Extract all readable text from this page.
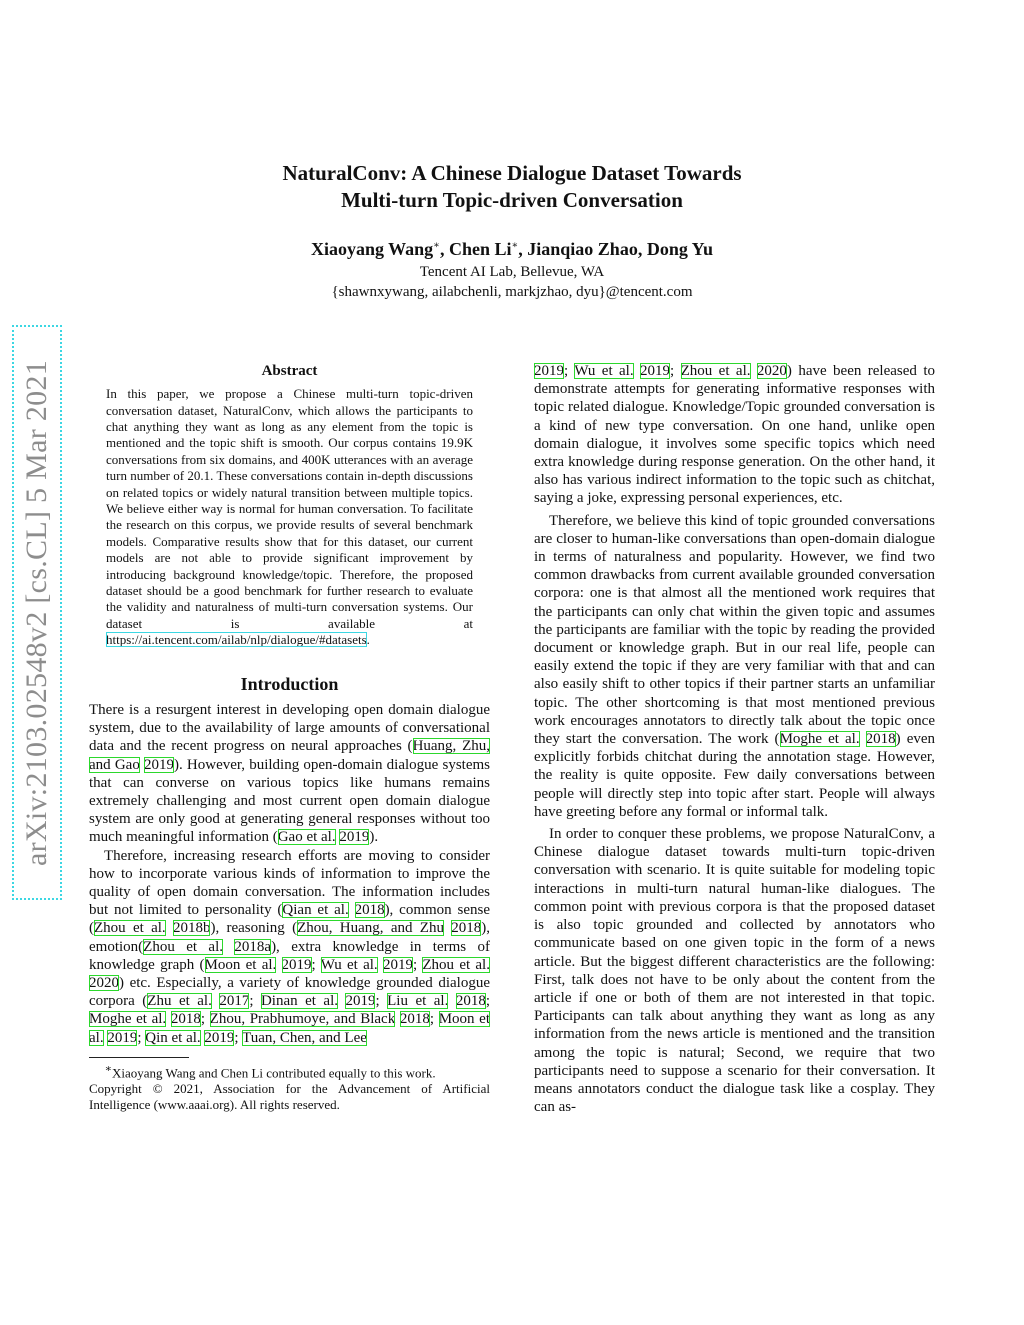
NaturalConv: A Chinese Dialogue Dataset Towards
Multi-turn Topic-driven Conversation
Xiaoyang Wang∗, Chen Li∗, Jianqiao Zhao, Dong Yu
Tencent AI Lab, Bellevue, WA
{shawnxywang, ailabchenli, markjzhao, dyu}@tencent.com
arXiv:2103.02548v2 [cs.CL] 5 Mar 2021	Abstract
In this paper, we propose a Chinese multi-turn topic-driven conversation dataset, NaturalConv, which allows the participants to chat anything they want as long as any element from the topic is mentioned and the topic shift is smooth. Our corpus contains 19.9K conversations from six domains, and 400K utterances with an average turn number of 20.1. These conversations contain in-depth discussions on related topics or widely natural transition between multiple topics. We believe either way is normal for human conversation. To facilitate the research on this corpus, we provide results of several benchmark models. Comparative results show that for this dataset, our current models are not able to provide significant improvement by introducing background knowledge/topic. Therefore, the proposed dataset should be a good benchmark for further research to evaluate the validity and naturalness of multi-turn conversation systems. Our dataset is available at https://ai.tencent.com/ailab/nlp/dialogue/#datasets.
Introduction

There is a resurgent interest in developing open domain dialogue system, due to the availability of large amounts of conversational data and the recent progress on neural approaches (Huang, Zhu, and Gao 2019). However, building open-domain dialogue systems that can converse on various topics like humans remains extremely challenging and most current open domain dialogue system are only good at generating general responses without too much meaningful information (Gao et al. 2019).

Therefore, increasing research efforts are moving to consider how to incorporate various kinds of information to improve the quality of open domain conversation. The information includes but not limited to personality (Qian et al. 2018), common sense (Zhou et al. 2018b), reasoning (Zhou, Huang, and Zhu 2018), emotion(Zhou et al. 2018a), extra knowledge in terms of knowledge graph (Moon et al. 2019; Wu et al. 2019; Zhou et al. 2020) etc. Especially, a variety of knowledge grounded dialogue corpora (Zhu et al. 2017; Dinan et al. 2019; Liu et al. 2018; Moghe et al. 2018; Zhou, Prabhumoye, and Black 2018; Moon et al. 2019; Qin et al. 2019; Tuan, Chen, and Lee

∗Xiaoyang Wang and Chen Li contributed equally to this work.
Copyright © 2021, Association for the Advancement of Artificial Intelligence (www.aaai.org). All rights reserved.

2019; Wu et al. 2019; Zhou et al. 2020) have been released to demonstrate attempts for generating informative responses with topic related dialogue. Knowledge/Topic grounded conversation is a kind of new type conversation. On one hand, unlike open domain dialogue, it involves some specific topics which need extra knowledge during response generation. On the other hand, it also has various indirect information to the topic such as chitchat, saying a joke, expressing personal experiences, etc.

Therefore, we believe this kind of topic grounded conversations are closer to human-like conversations than open-domain dialogue in terms of naturalness and popularity. However, we find two common drawbacks from current available grounded conversation corpora: one is that almost all the mentioned work requires that the participants can only chat within the given topic and assumes the participants are familiar with the topic by reading the provided document or knowledge graph. But in our real life, people can easily extend the topic if they are very familiar with that and can also easily shift to other topics if their partner starts an unfamiliar topic. The other shortcoming is that most mentioned previous work encourages annotators to directly talk about the topic once they start the conversation. The work (Moghe et al. 2018) even explicitly forbids chitchat during the annotation stage. However, the reality is quite opposite. Few daily conversations between people will directly step into topic after start. People will always have greeting before any formal or informal talk.

In order to conquer these problems, we propose NaturalConv, a Chinese dialogue dataset towards multi-turn topic-driven conversation with scenario. It is quite suitable for modeling topic interactions in multi-turn natural human-like dialogues. The common point with previous corpora is that the proposed dataset is also topic grounded and collected by annotators who communicate based on one given topic in the form of a news article. But the biggest different characteristics are the following: First, talk does not have to be only about the content from the article if one or both of them are not interested in that topic. Participants can talk about anything they want as long as any information from the news article is mentioned and the transition among the topic is natural; Second, we require that two participants need to suppose a scenario for their conversation. It means annotators conduct the dialogue task like a cosplay. They can as-
